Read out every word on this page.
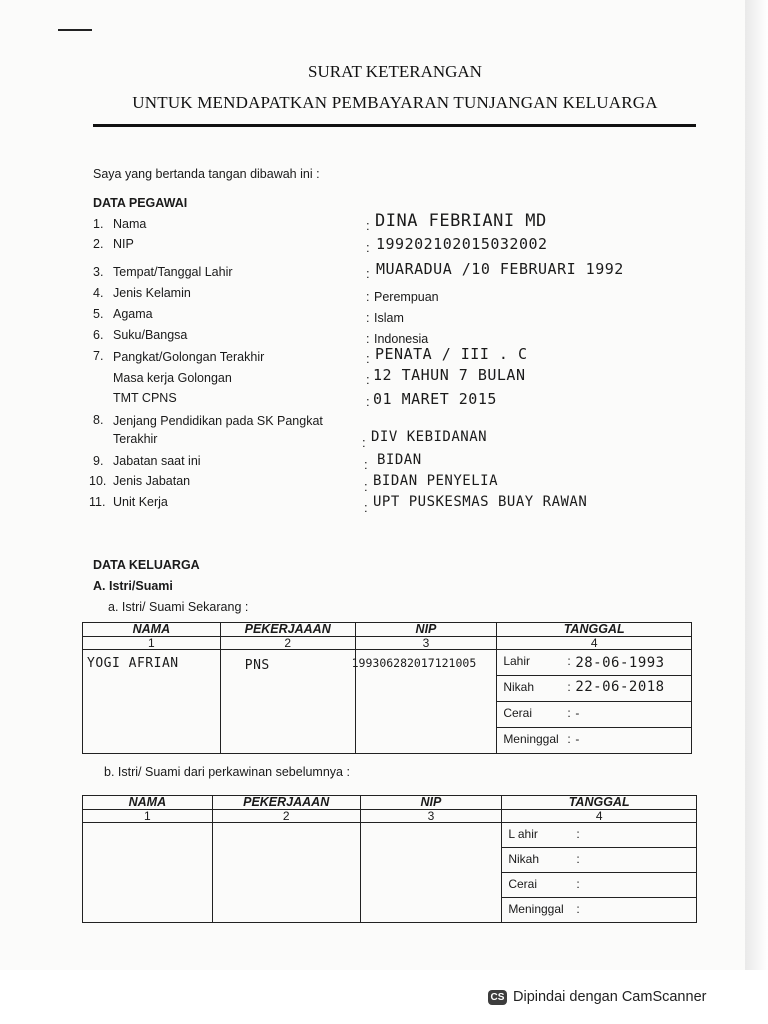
SURAT KETERANGAN
UNTUK MENDAPATKAN PEMBAYARAN TUNJANGAN KELUARGA
Saya yang bertanda tangan dibawah ini :
DATA PEGAWAI
1. Nama	: DINA FEBRIANI MD
2. NIP	: 199202102015032002
3. Tempat/Tanggal Lahir	: MUARADUA /10 FEBRUARI 1992
4. Jenis Kelamin	: Perempuan
5. Agama	: Islam
6. Suku/Bangsa	: Indonesia
7. Pangkat/Golongan Terakhir	: PENATA / III . C
Masa kerja Golongan	: 12 TAHUN 7 BULAN
TMT CPNS	: 01 MARET 2015
8. Jenjang Pendidikan pada SK Pangkat
Terakhir	: DIV KEBIDANAN
9. Jabatan saat ini	: BIDAN
10. Jenis Jabatan	: BIDAN PENYELIA
11. Unit Kerja	: UPT PUSKESMAS BUAY RAWAN
DATA KELUARGA
A. Istri/Suami
a. Istri/ Suami Sekarang :
NAMA	PEKERJAAAN	NIP	TANGGAL
1	2	3	4

YOGI AFRIAN	PNS	199306282017121005	Lahir : 28-06-1993

			Nikah : 22-06-2018

			Cerai : -

			Meninggal : -
b. Istri/ Suami dari perkawinan sebelumnya :
NAMA	PEKERJAAAN	NIP	TANGGAL
1	2	3	4

			L ahir :

			Nikah :

			Cerai :

			Meninggal :
CS Dipindai dengan CamScanner
